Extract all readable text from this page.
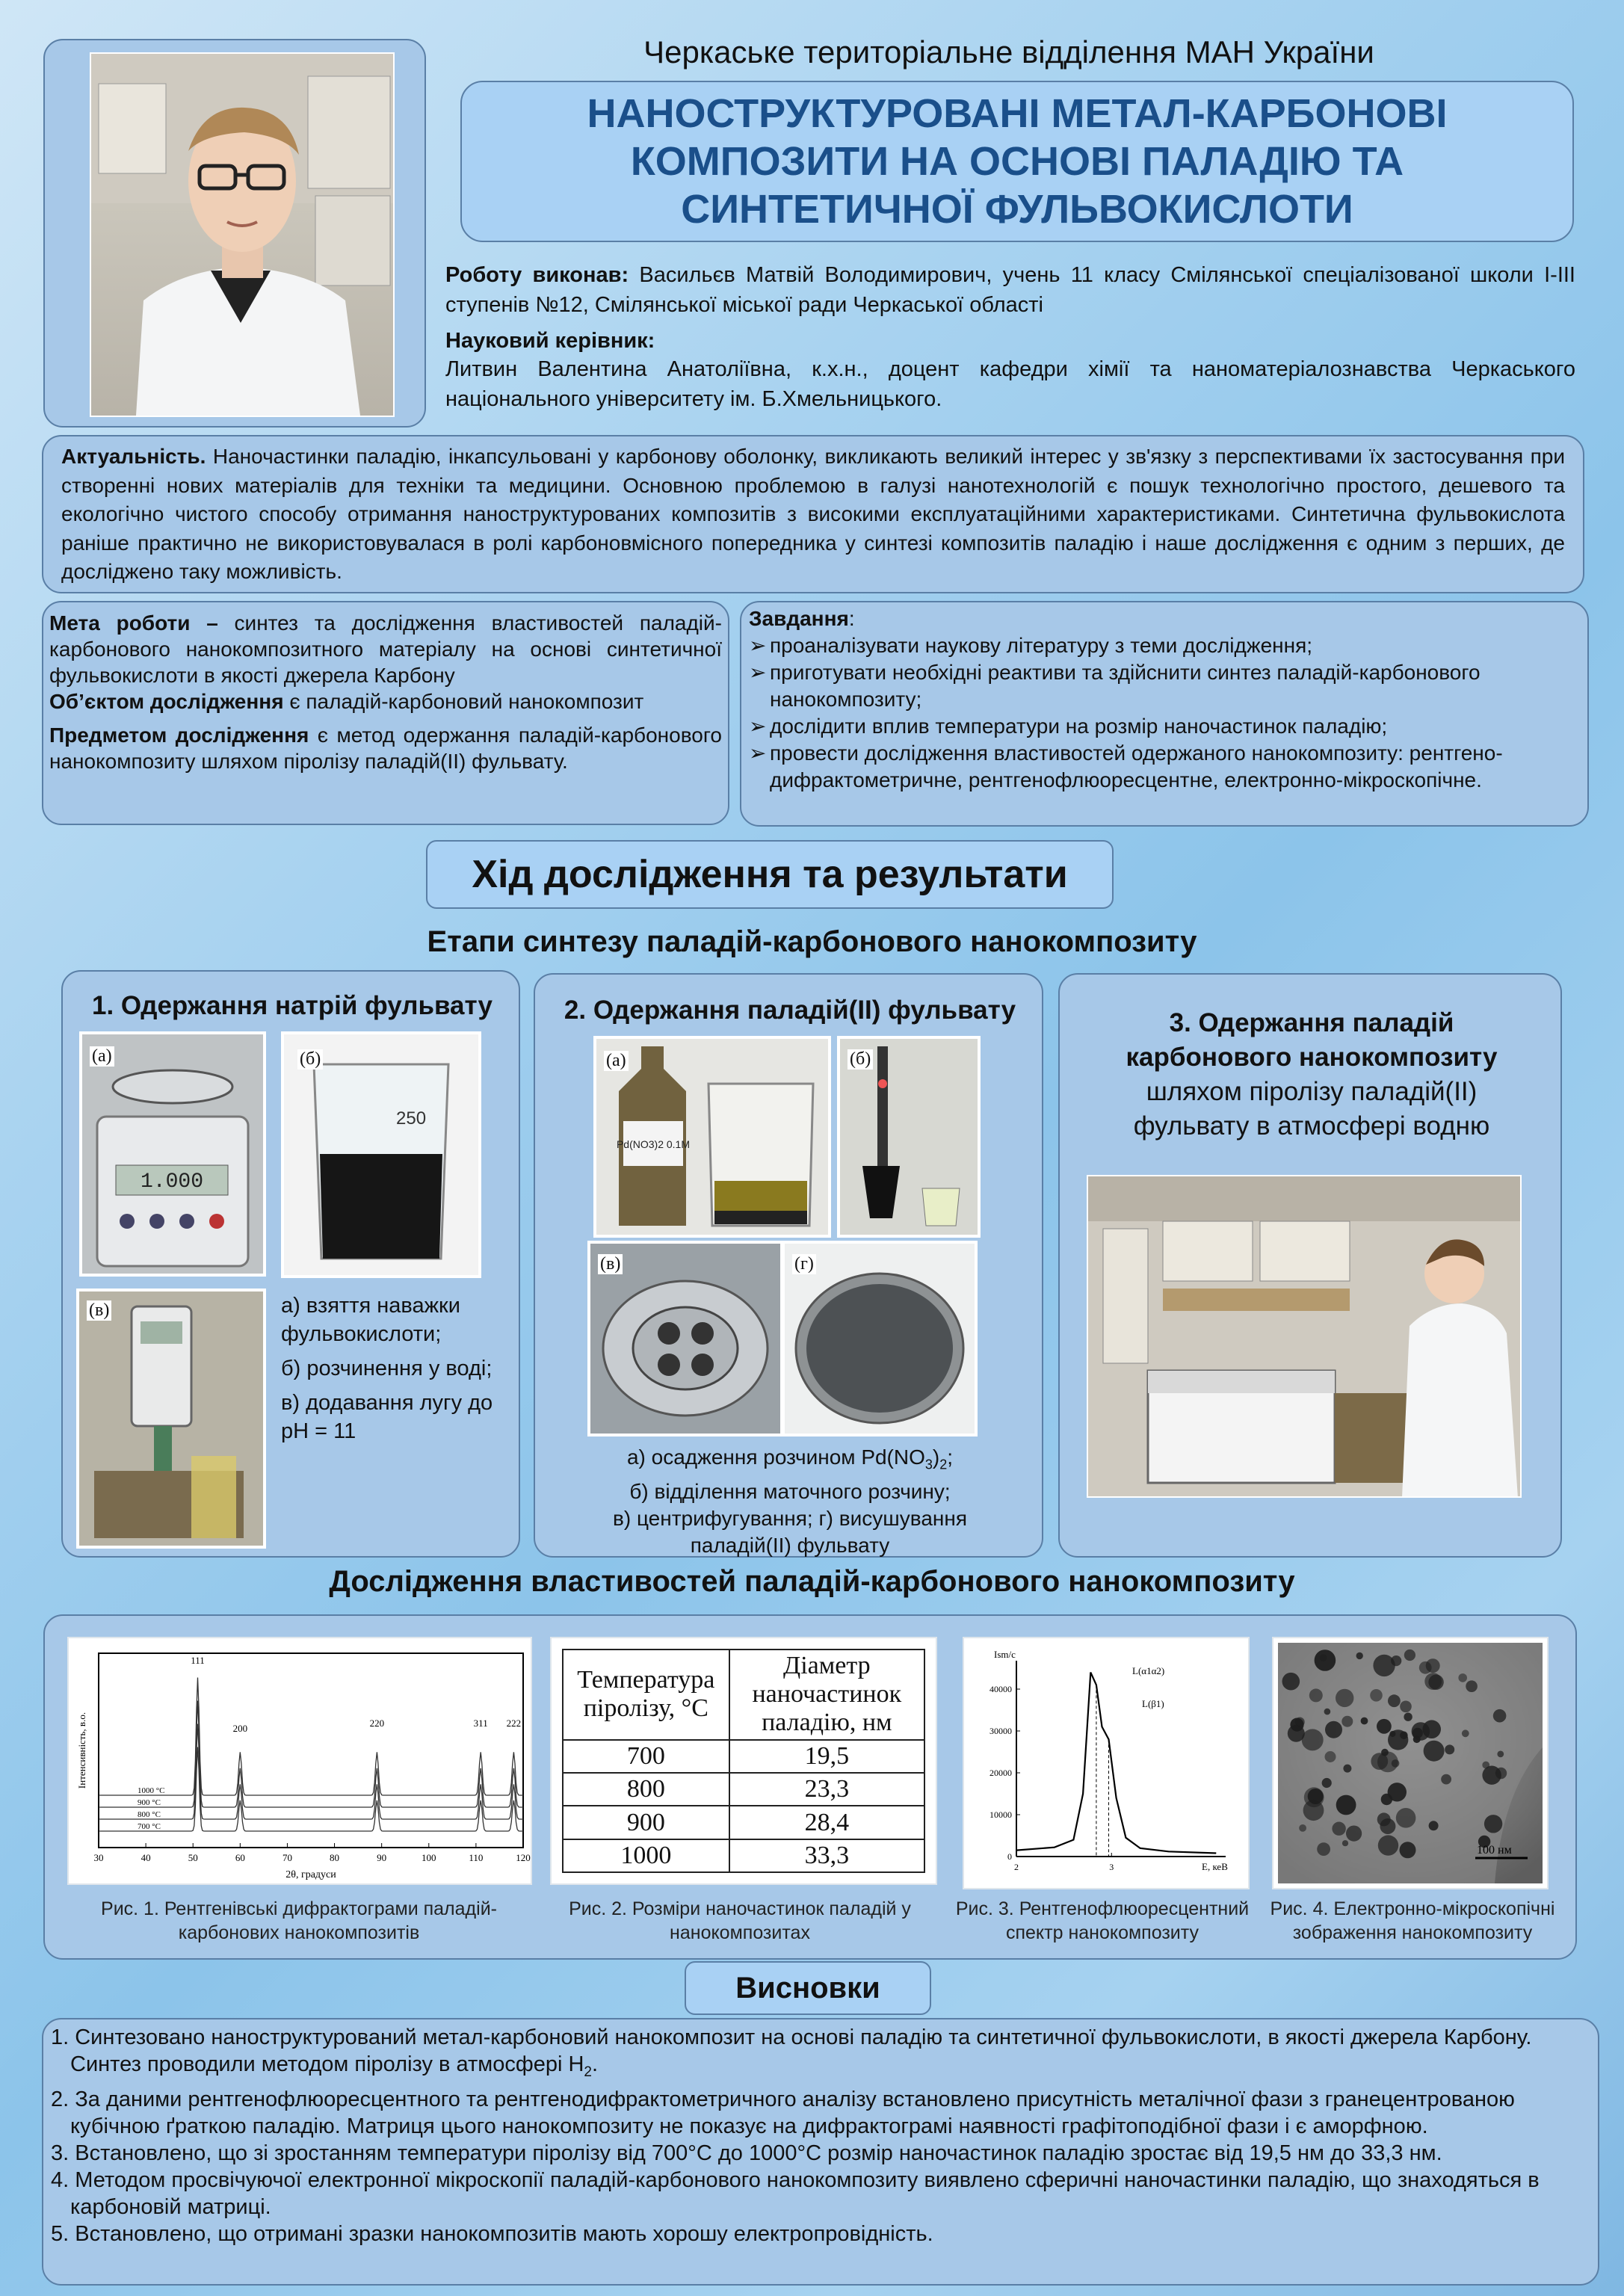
Черкаське територіальне відділення МАН України
НАНОСТРУКТУРОВАНІ МЕТАЛ-КАРБОНОВІ
КОМПОЗИТИ НА ОСНОВІ ПАЛАДІЮ ТА
СИНТЕТИЧНОЇ ФУЛЬВОКИСЛОТИ
Роботу виконав: Васильєв Матвій Володимирович, учень 11 класу Смілянської спеціалізованої школи I-III ступенів №12, Смілянської міської ради Черкаської області
Науковий керівник:
Литвин Валентина Анатоліївна, к.х.н., доцент кафедри хімії та наноматеріалознавства Черкаського національного університету ім. Б.Хмельницького.
Актуальність. Наночастинки паладію, інкапсульовані у карбонову оболонку, викликають великий інтерес у зв'язку з перспективами їх застосування при створенні нових матеріалів для техніки та медицини. Основною проблемою в галузі нанотехнологій є пошук технологічно простого, дешевого та екологічно чистого способу отримання наноструктурованих композитів з високими експлуатаційними характеристиками. Синтетична фульвокислота раніше практично не використовувалася в ролі карбоновмісного попередника у синтезі композитів паладію і наше дослідження є одним з перших, де досліджено таку можливість.
Мета роботи – синтез та дослідження властивостей паладій-карбонового нанокомпозитного матеріалу на основі синтетичної фульвокислоти в якості джерела Карбону
Об’єктом дослідження є паладій-карбоновий нанокомпозит
Предметом дослідження є метод одержання паладій-карбонового нанокомпозиту шляхом піролізу паладій(ІІ) фульвату.
Завдання:
➢ проаналізувати наукову літературу з теми дослідження;
➢ приготувати необхідні реактиви та здійснити синтез паладій-карбонового нанокомпозиту;
➢ дослідити вплив температури на розмір наночастинок паладію;
➢ провести дослідження властивостей одержаного нанокомпозиту: рентгено-дифрактометричне, рентгенофлюоресцентне, електронно-мікроскопічне.
Хід дослідження та результати
Етапи синтезу паладій-карбонового нанокомпозиту
1. Одержання натрій фульвату
1.000
(а)
250
(б)
(в)	а) взяття наважки фульвокислоти;
б) розчинення у воді;
в) додавання лугу до рН = 11
2. Одержання паладій(ІІ) фульвату
Pd(NO3)2 0.1M
(а)	(б)
(в)	(г)
а) осадження розчином $Pd(NO_3)_2$;
б) відділення маточного розчину;
в) центрифугування; г) висушування
паладій(ІІ) фульвату
3. Одержання паладій
карбонового нанокомпозиту
шляхом піролізу паладій(ІІ)
фульвату в атмосфері водню
Дослідження властивостей паладій-карбонового нанокомпозиту
30	40	50	60	70	80	90	100	110	120
111
200	220	311 222
1000 °C
900 °C
800 °C
700 °C
2θ, градуси
Інтенсивність, в.о.
Рис. 1. Рентгенівські дифрактограми паладій-карбонових нанокомпозитів
Температура піролізу, °С	Діаметр наночастинок паладію, нм
700	19,5
800	23,3
900	28,4
1000	33,3
Рис. 2. Розміри наночастинок паладій у нанокомпозитах
0
10000
20000
30000
40000
2	3
Ism/c
E, кеВ
L(α1α2)
L(β1)
Рис. 3. Рентгенофлюоресцентний спектр нанокомпозиту
100 нм
Рис. 4. Електронно-мікроскопічні зображення нанокомпозиту
Висновки
1. Синтезовано наноструктурований метал-карбоновий нанокомпозит на основі паладію та синтетичної фульвокислоти, в якості джерела Карбону. Синтез проводили методом піролізу в атмосфері $Н_2$.
2. За даними рентгенофлюоресцентного та рентгенодифрактометричного аналізу встановлено присутність металічної фази з гранецентрованою кубічною ґраткою паладію. Матриця цього нанокомпозиту не показує на дифрактограмі наявності графітоподібної фази і є аморфною.
3. Встановлено, що зі зростанням температури піролізу від 700°С до 1000°С розмір наночастинок паладію зростає від 19,5 нм до 33,3 нм.
4. Методом просвічуючої електронної мікроскопії паладій-карбонового нанокомпозиту виявлено сферичні наночастинки паладію, що знаходяться в карбоновій матриці.
5. Встановлено, що отримані зразки нанокомпозитів мають хорошу електропровідність.
